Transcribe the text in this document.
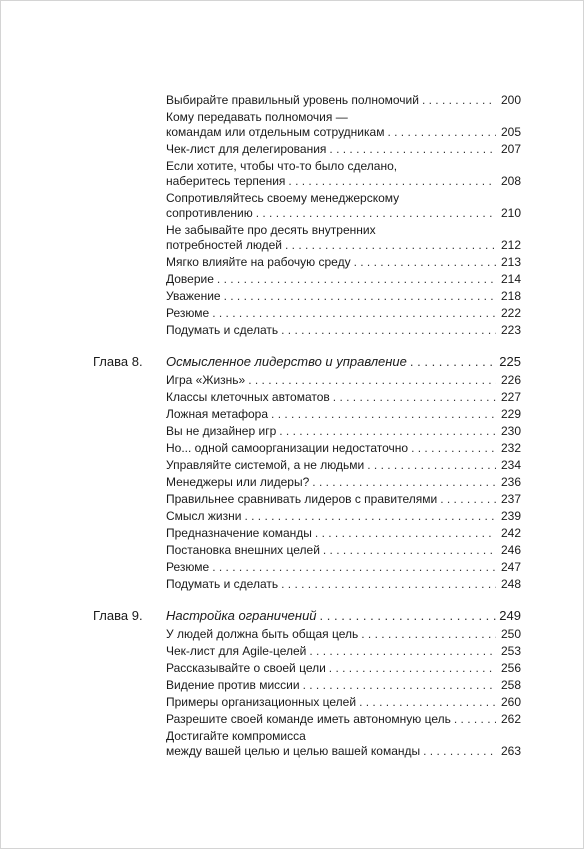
Выбирайте правильный уровень полномочий . . .	200
Кому передавать полномочия —
командам или отдельным сотрудникам . . .	205
Чек-лист для делегирования . . .	207
Если хотите, чтобы что-то было сделано,
наберитесь терпения . . .	208
Сопротивляйтесь своему менеджерскому
сопротивлению . . .	210
Не забывайте про десять внутренних
потребностей людей . . .	212
Мягко влияйте на рабочую среду . . .	213
Доверие . . .	214
Уважение . . .	218
Резюме . . .	222
Подумать и сделать . . .	223
Глава 8. Осмысленное лидерство и управление . . .	225
Игра «Жизнь» . . .	226
Классы клеточных автоматов . . .	227
Ложная метафора . . .	229
Вы не дизайнер игр . . .	230
Но... одной самоорганизации недостаточно . . .	232
Управляйте системой, а не людьми . . .	234
Менеджеры или лидеры? . . .	236
Правильнее сравнивать лидеров с правителями . . .	237
Смысл жизни . . .	239
Предназначение команды . . .	242
Постановка внешних целей . . .	246
Резюме . . .	247
Подумать и сделать . . .	248
Глава 9. Настройка ограничений . . .	249
У людей должна быть общая цель . . .	250
Чек-лист для Agile-целей . . .	253
Рассказывайте о своей цели . . .	256
Видение против миссии . . .	258
Примеры организационных целей . . .	260
Разрешите своей команде иметь автономную цель . . .	262
Достигайте компромисса
между вашей целью и целью вашей команды . . .	263
